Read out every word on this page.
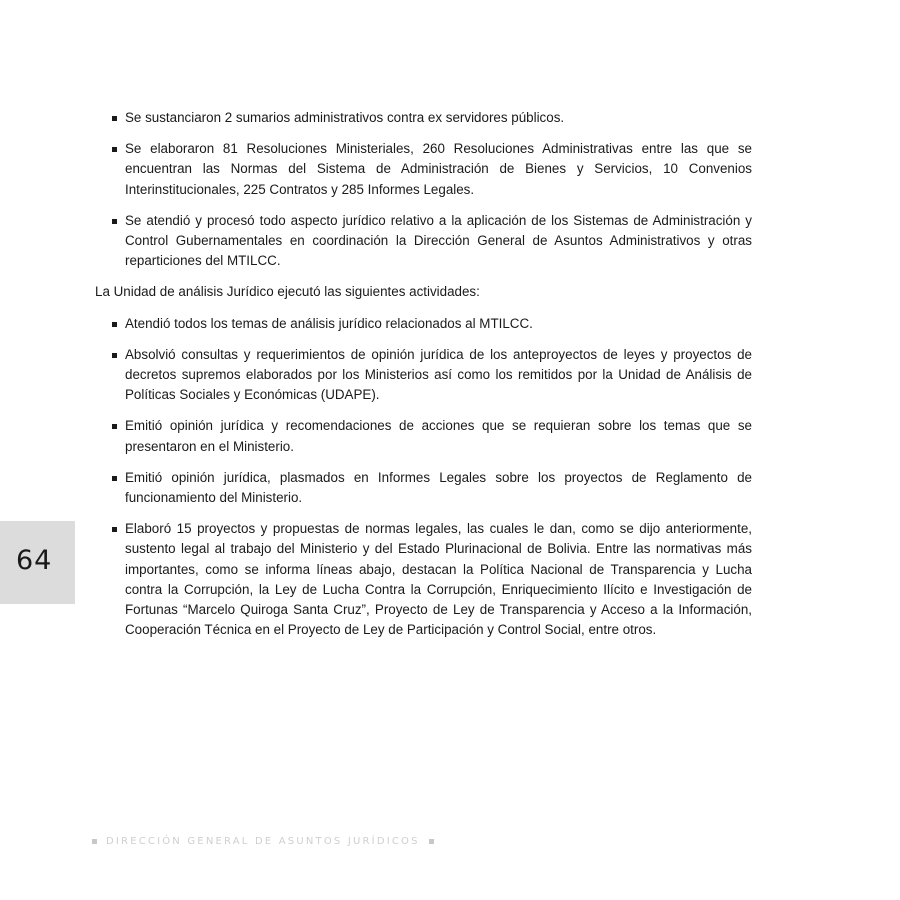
Se sustanciaron 2 sumarios administrativos contra ex servidores públicos.
Se elaboraron 81 Resoluciones Ministeriales, 260 Resoluciones Administrativas entre las que se encuentran las Normas del Sistema de Administración de Bienes y Servicios, 10 Convenios Interinstitucionales, 225 Contratos y 285 Informes Legales.
Se atendió y procesó todo aspecto jurídico relativo a la aplicación de los Sistemas de Administración y Control Gubernamentales en coordinación la Dirección General de Asuntos Administrativos y otras reparticiones del MTILCC.

La Unidad de análisis Jurídico ejecutó las siguientes actividades:

Atendió todos los temas de análisis jurídico relacionados al MTILCC.
Absolvió consultas y requerimientos de opinión jurídica de los anteproyectos de leyes y proyectos de decretos supremos elaborados por los Ministerios así como los remitidos por la Unidad de Análisis de Políticas Sociales y Económicas (UDAPE).
Emitió opinión jurídica y recomendaciones de acciones que se requieran sobre los temas que se presentaron en el Ministerio.
Emitió opinión jurídica, plasmados en Informes Legales sobre los proyectos de Reglamento de funcionamiento del Ministerio.
Elaboró 15 proyectos y propuestas de normas legales, las cuales le dan, como se dijo anteriormente, sustento legal al trabajo del Ministerio y del Estado Plurinacional de Bolivia. Entre las normativas más importantes, como se informa líneas abajo, destacan la Política Nacional de Transparencia y Lucha contra la Corrupción, la Ley de Lucha Contra la Corrupción, Enriquecimiento Ilícito e Investigación de Fortunas “Marcelo Quiroga Santa Cruz”, Proyecto de Ley de Transparencia y Acceso a la Información, Cooperación Técnica en el Proyecto de Ley de Participación y Control Social, entre otros.
64
DIRECCIÓN GENERAL DE ASUNTOS JURÍDICOS
